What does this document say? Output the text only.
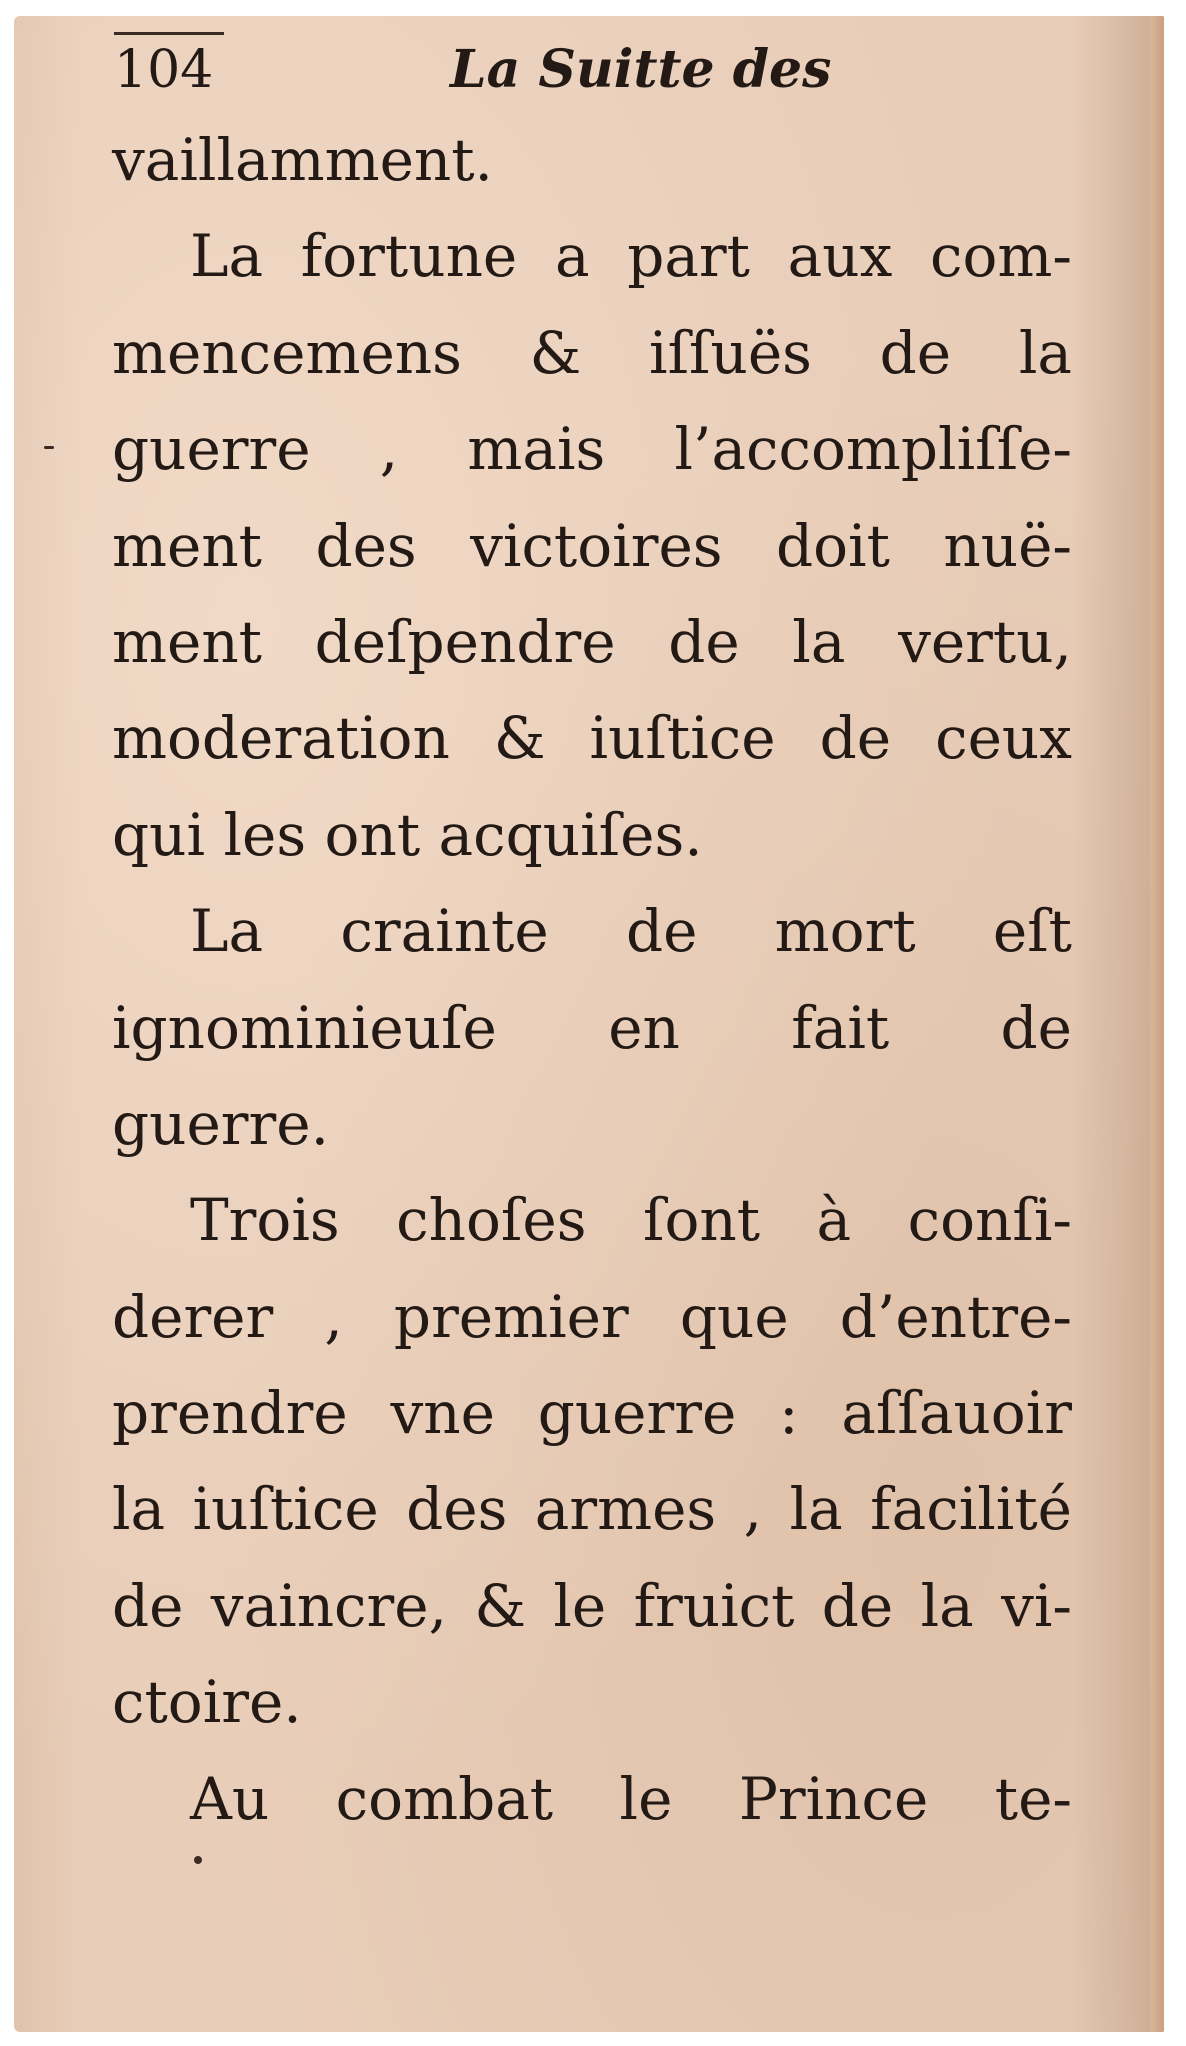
104	La Suitte des
vaillamment.
La fortune a part aux com-
mencemens & iſſuës de la
guerre , mais l’accompliſſe-
ment des victoires doit nuë-
ment deſpendre de la vertu,
moderation & iuſtice de ceux
qui les ont acquiſes.
La crainte de mort eſt
ignominieuſe en fait de
guerre.
Trois choſes ſont à conſi-
derer , premier que d’entre-
prendre vne guerre : aſſauoir
la iuſtice des armes , la facilité
de vaincre, & le fruict de la vi-
ctoire.
Au combat le Prince te-
